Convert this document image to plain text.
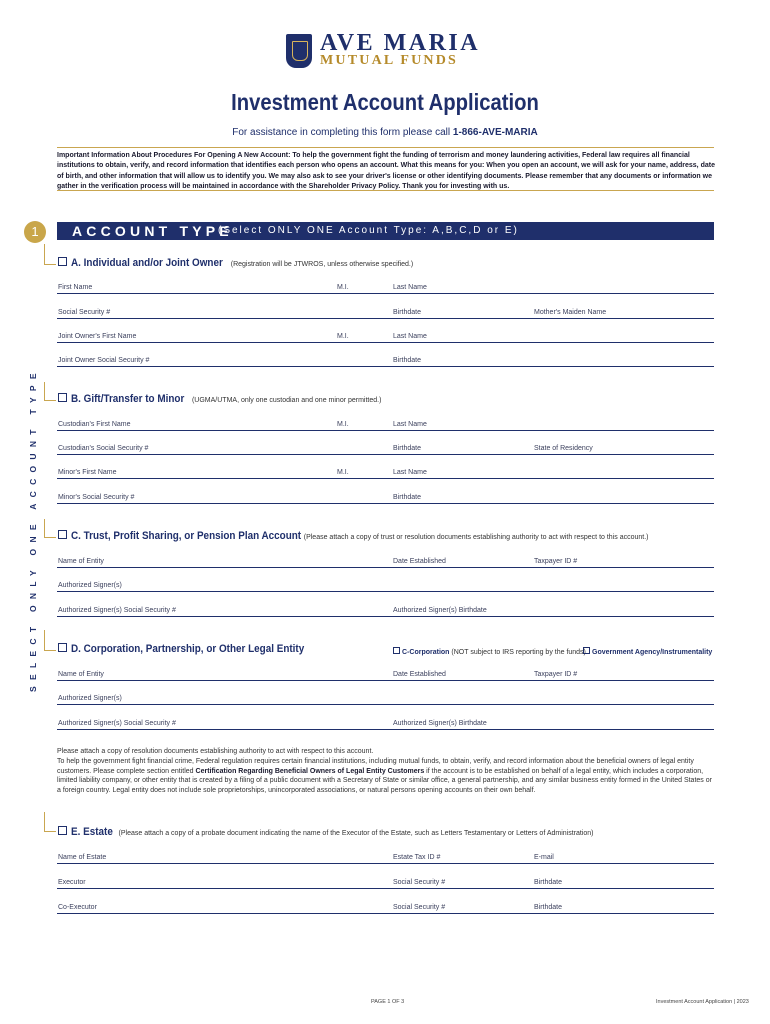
AVE MARIA
MUTUAL FUNDS
Investment Account Application
For assistance in completing this form please call 1-866-AVE-MARIA
Important Information About Procedures For Opening A New Account: To help the government fight the funding of terrorism and money laundering activities, Federal law requires all financial institutions to obtain, verify, and record information that identifies each person who opens an account. What this means for you: When you open an account, we will ask for your name, address, date of birth, and other information that will allow us to identify you. We may also ask to see your driver's license or other identifying documents. Please remember that any documents or information we gather in the verification process will be maintained in accordance with the Shareholder Privacy Policy. Thank you for investing with us.
1	ACCOUNT TYPE
(Select ONLY ONE Account Type: A,B,C,D or E)
SELECT ONLY ONE ACCOUNT TYPE
A. Individual and/or Joint Owner (Registration will be JTWROS, unless otherwise specified.)
First Name	M.I.	Last Name
Social Security #	Birthdate	Mother's Maiden Name
Joint Owner's First Name	M.I.	Last Name
Joint Owner Social Security #	Birthdate
B. Gift/Transfer to Minor (UGMA/UTMA, only one custodian and one minor permitted.)
Custodian's First Name	M.I.	Last Name
Custodian's Social Security #	Birthdate	State of Residency
Minor's First Name	M.I.	Last Name
Minor's Social Security #	Birthdate
C. Trust, Profit Sharing, or Pension Plan Account (Please attach a copy of trust or resolution documents establishing authority to act with respect to this account.)
Name of Entity	Date Established	Taxpayer ID #
Authorized Signer(s)
Authorized Signer(s) Social Security #	Authorized Signer(s) Birthdate
D. Corporation, Partnership, or Other Legal Entity	C-Corporation (NOT subject to IRS reporting by the funds) Government Agency/Instrumentality
Name of Entity	Date Established	Taxpayer ID #
Authorized Signer(s)
Authorized Signer(s) Social Security #	Authorized Signer(s) Birthdate
Please attach a copy of resolution documents establishing authority to act with respect to this account.
To help the government fight financial crime, Federal regulation requires certain financial institutions, including mutual funds, to obtain, verify, and record information about the beneficial owners of legal entity customers. Please complete section entitled Certification Regarding Beneficial Owners of Legal Entity Customers if the account is to be established on behalf of a legal entity, which includes a corporation, limited liability company, or other entity that is created by a filing of a public document with a Secretary of State or similar office, a general partnership, and any similar business entity formed in the United States or a foreign country. Legal entity does not include sole proprietorships, unincorporated associations, or natural persons opening accounts on their own behalf.
E. Estate (Please attach a copy of a probate document indicating the name of the Executor of the Estate, such as Letters Testamentary or Letters of Administration)
Name of Estate	Estate Tax ID #	E-mail
Executor	Social Security #	Birthdate
Co-Executor	Social Security #	Birthdate
PAGE 1 OF 3	Investment Account Application | 2023
